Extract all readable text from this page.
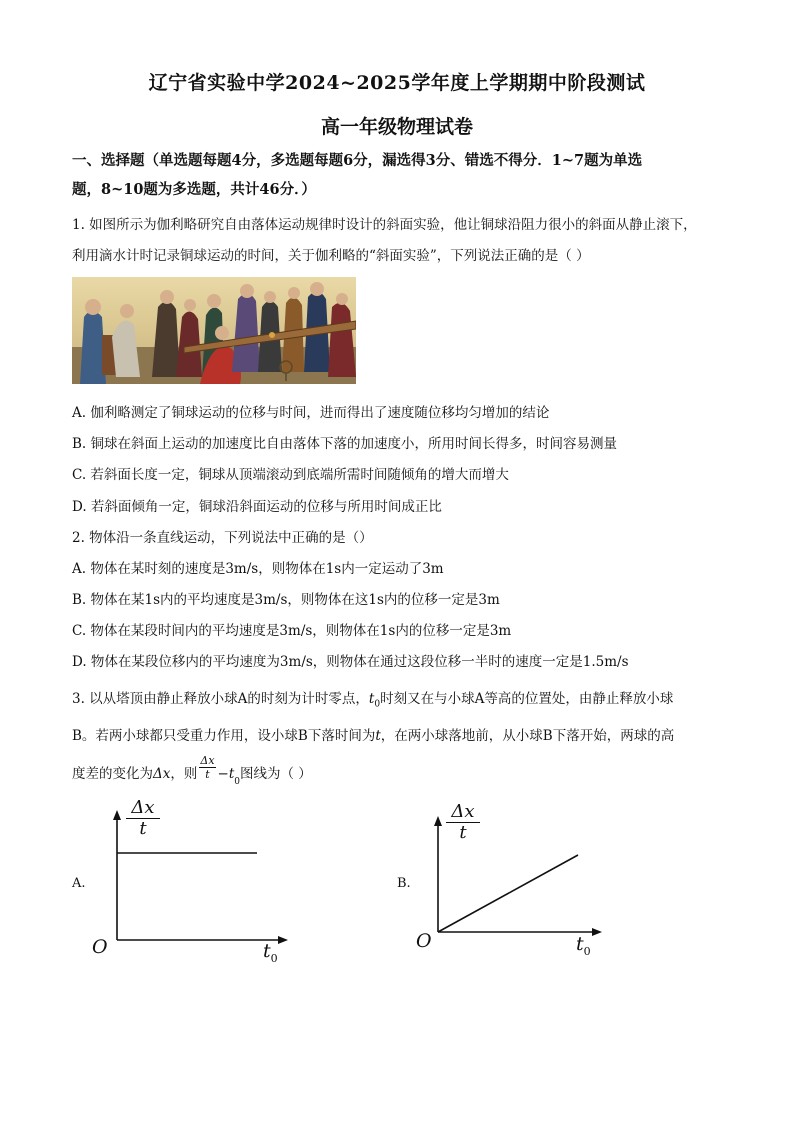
辽宁省实验中学2024~2025学年度上学期期中阶段测试
高一年级物理试卷
一、选择题（单选题每题4分，多选题每题6分，漏选得3分、错选不得分．1~7题为单选
题，8~10题为多选题，共计46分．）
1. 如图所示为伽利略研究自由落体运动规律时设计的斜面实验，他让铜球沿阻力很小的斜面从静止滚下，
利用滴水计时记录铜球运动的时间，关于伽利略的“斜面实验”，下列说法正确的是（ ）
A. 伽利略测定了铜球运动的位移与时间，进而得出了速度随位移均匀增加的结论
B. 铜球在斜面上运动的加速度比自由落体下落的加速度小，所用时间长得多，时间容易测量
C. 若斜面长度一定，铜球从顶端滚动到底端所需时间随倾角的增大而增大
D. 若斜面倾角一定，铜球沿斜面运动的位移与所用时间成正比
2. 物体沿一条直线运动，下列说法中正确的是（）
A. 物体在某时刻的速度是3m/s，则物体在1s内一定运动了3m
B. 物体在某1s内的平均速度是3m/s，则物体在这1s内的位移一定是3m
C. 物体在某段时间内的平均速度是3m/s，则物体在1s内的位移一定是3m
D. 物体在某段位移内的平均速度为3m/s，则物体在通过这段位移一半时的速度一定是1.5m/s
3. 以从塔顶由静止释放小球A的时刻为计时零点，$t_0$时刻又在与小球A等高的位置处，由静止释放小球
B。若两小球都只受重力作用，设小球B下落时间为t，在两小球落地前，从小球B下落开始，两球的高
度差的变化为Δx，则 $\frac{\Delta x}{t} -t_0$图线为（ ）
A.
$\frac{\Delta x}{t}$
O	$t_0$
B.
$\frac{\Delta x}{t}$
O	$t_0$
